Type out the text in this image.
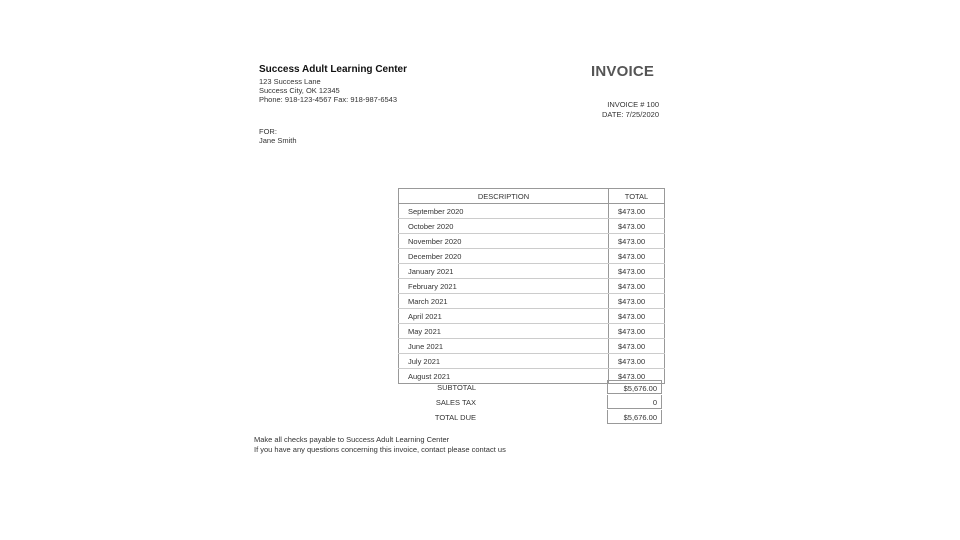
Success Adult Learning Center
123 Success Lane
Success City, OK 12345
Phone: 918-123-4567 Fax: 918-987-6543
INVOICE
INVOICE # 100
DATE: 7/25/2020
FOR:
Jane Smith
DESCRIPTION	TOTAL
September 2020	$473.00
October 2020	$473.00
November 2020	$473.00
December 2020	$473.00
January 2021	$473.00
February 2021	$473.00
March 2021	$473.00
April 2021	$473.00
May 2021	$473.00
June 2021	$473.00
July 2021	$473.00
August 2021	$473.00
SUBTOTAL	$5,676.00
SALES TAX	0
TOTAL DUE	$5,676.00
Make all checks payable to Success Adult Learning Center
If you have any questions concerning this invoice, contact please contact us
